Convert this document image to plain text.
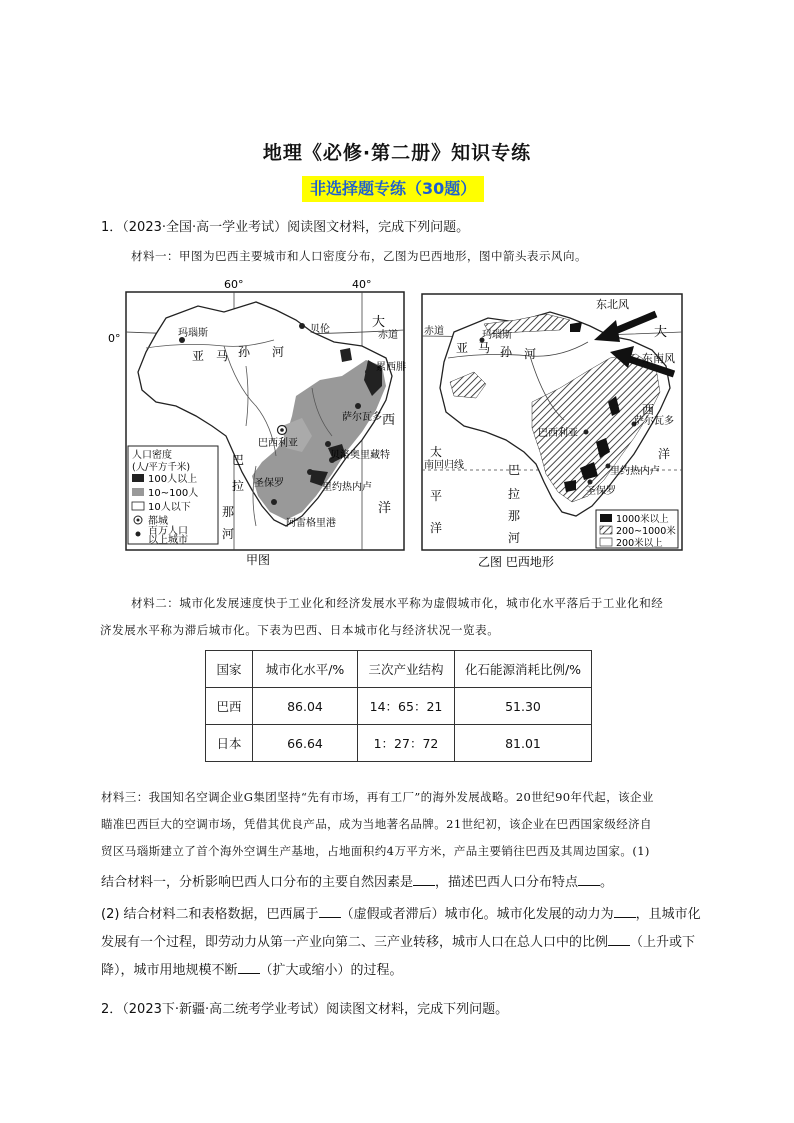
地理《必修·第二册》知识专练
非选择题专练（30题）
1．（2023·全国·高一学业考试）阅读图文材料，完成下列问题。
材料一：甲图为巴西主要城市和人口密度分布，乙图为巴西地形，图中箭头表示风向。
人口密度
(人/平方千米)
100人以上
10~100人
10人以下
都城
百万人口
以上城市
60°	40°
0°
大
赤道
西
洋
玛瑙斯
亚 马 孙 河
贝伦
累西腓
萨尔瓦多
巴西利亚
贝洛奥里藏特
里约热内卢
圣保罗
阿雷格里港
巴
拉
那
河
甲图
1000米以上
200~1000米
200米以上
东北风
东南风
大
赤道
西
洋
太
南回归线
平
洋
玛瑙斯
亚 马 孙 河
巴西利亚
萨尔瓦多
里约热内卢
圣保罗
巴
拉
那
河
乙图 巴西地形
材料二：城市化发展速度快于工业化和经济发展水平称为虚假城市化，城市化水平落后于工业化和经
济发展水平称为滞后城市化。下表为巴西、日本城市化与经济状况一览表。
国家	城市化水平/%	三次产业结构	化石能源消耗比例/%
巴西	86.04	14：65：21	51.30
日本	66.64	1：27：72	81.01
材料三：我国知名空调企业G集团坚持“先有市场，再有工厂”的海外发展战略。20世纪90年代起，该企业
瞄准巴西巨大的空调市场，凭借其优良产品，成为当地著名品牌。21世纪初，该企业在巴西国家级经济自
贸区马瑙斯建立了首个海外空调生产基地，占地面积约4万平方米，产品主要销往巴西及其周边国家。(1)
结合材料一，分析影响巴西人口分布的主要自然因素是 ，描述巴西人口分布特点 。
(2) 结合材料二和表格数据，巴西属于 （虚假或者滞后）城市化。城市化发展的动力为 ，且城市化
发展有一个过程，即劳动力从第一产业向第二、三产业转移，城市人口在总人口中的比例 （上升或下
降），城市用地规模不断 （扩大或缩小）的过程。
2．（2023下·新疆·高二统考学业考试）阅读图文材料，完成下列问题。
